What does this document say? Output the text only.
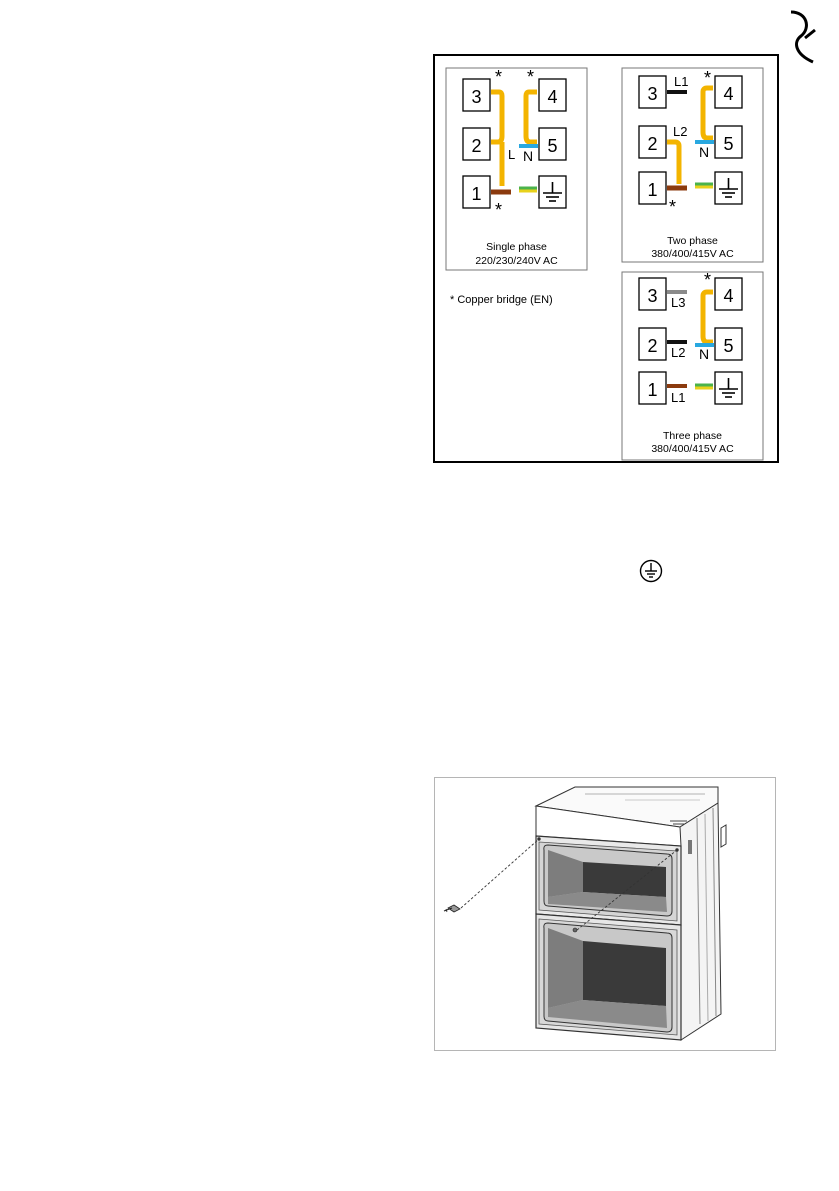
3	4
2	5
1
* *
*
L N
Single phase
220/230/240V AC
3	4
2	5
1
L1 *
L2
N
*
Two phase
380/400/415V AC
* Copper bridge (EN)	3	4
2	5
1
*
L3
L2 N
L1
Three phase
380/400/415V AC
